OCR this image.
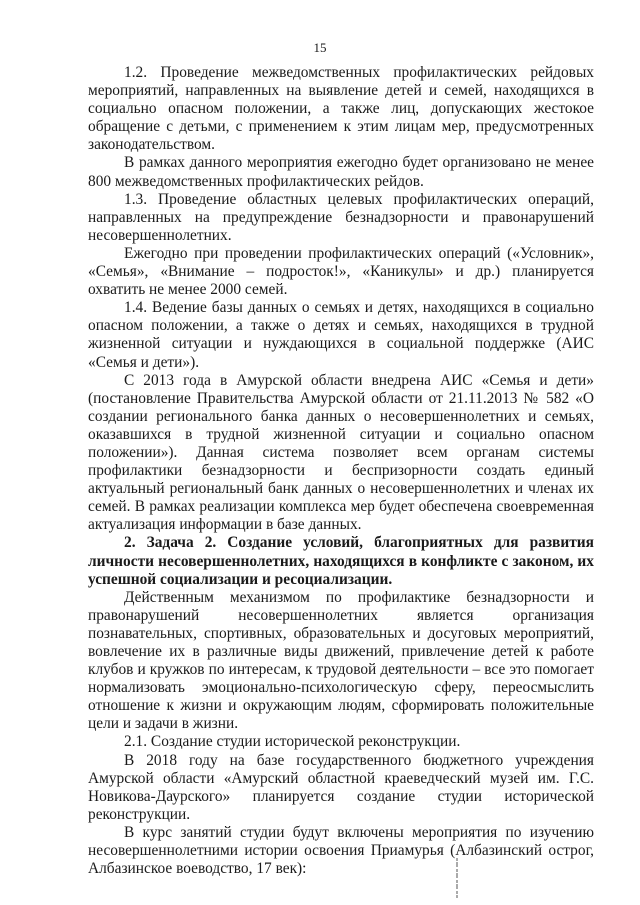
15

1.2. Проведение межведомственных профилактических рейдовых мероприятий, направленных на выявление детей и семей, находящихся в социально опасном положении, а также лиц, допускающих жестокое обращение с детьми, с применением к этим лицам мер, предусмотренных законодательством.

В рамках данного мероприятия ежегодно будет организовано не менее 800 межведомственных профилактических рейдов.

1.3. Проведение областных целевых профилактических операций, направленных на предупреждение безнадзорности и правонарушений несовершеннолетних.

Ежегодно при проведении профилактических операций («Условник», «Семья», «Внимание – подросток!», «Каникулы» и др.) планируется охватить не менее 2000 семей.

1.4. Ведение базы данных о семьях и детях, находящихся в социально опасном положении, а также о детях и семьях, находящихся в трудной жизненной ситуации и нуждающихся в социальной поддержке (АИС «Семья и дети»).

С 2013 года в Амурской области внедрена АИС «Семья и дети» (постановление Правительства Амурской области от 21.11.2013 № 582 «О создании регионального банка данных о несовершеннолетних и семьях, оказавшихся в трудной жизненной ситуации и социально опасном положении»). Данная система позволяет всем органам системы профилактики безнадзорности и беспризорности создать единый актуальный региональный банк данных о несовершеннолетних и членах их семей. В рамках реализации комплекса мер будет обеспечена своевременная актуализация информации в базе данных.

2. Задача 2. Создание условий, благоприятных для развития личности несовершеннолетних, находящихся в конфликте с законом, их успешной социализации и ресоциализации.

Действенным механизмом по профилактике безнадзорности и правонарушений несовершеннолетних является организация познавательных, спортивных, образовательных и досуговых мероприятий, вовлечение их в различные виды движений, привлечение детей к работе клубов и кружков по интересам, к трудовой деятельности – все это помогает нормализовать эмоционально-психологическую сферу, переосмыслить отношение к жизни и окружающим людям, сформировать положительные цели и задачи в жизни.

2.1. Создание студии исторической реконструкции.

В 2018 году на базе государственного бюджетного учреждения Амурской области «Амурский областной краеведческий музей им. Г.С. Новикова-Даурского» планируется создание студии исторической реконструкции.

В курс занятий студии будут включены мероприятия по изучению несовершеннолетними истории освоения Приамурья (Албазинский острог, Албазинское воеводство, 17 век):
